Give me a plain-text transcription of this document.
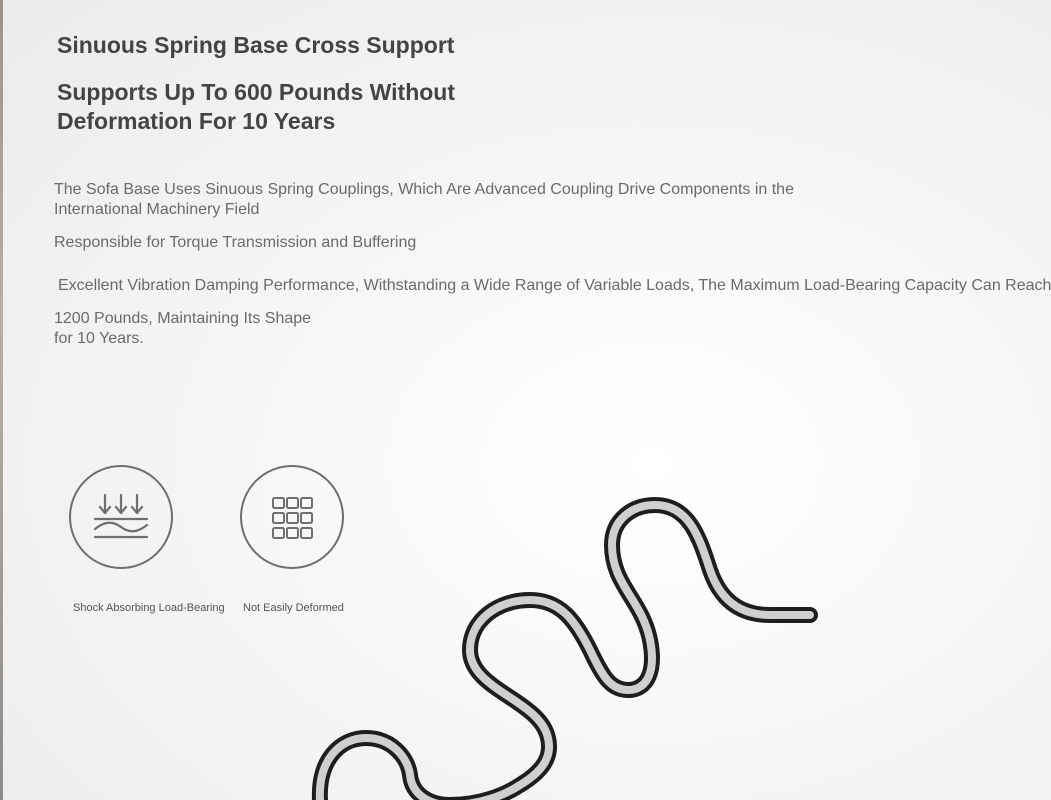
Sinuous Spring Base Cross Support
Supports Up To 600 Pounds Without Deformation For 10 Years

The Sofa Base Uses Sinuous Spring Couplings, Which Are Advanced Coupling Drive Components in the
International Machinery Field

Responsible for Torque Transmission and Buffering

Excellent Vibration Damping Performance, Withstanding a Wide Range of Variable Loads, The Maximum Load-Bearing Capacity Can Reach

1200 Pounds, Maintaining Its Shape
for 10 Years.

Shock Absorbing Load-Bearing Not Easily Deformed
